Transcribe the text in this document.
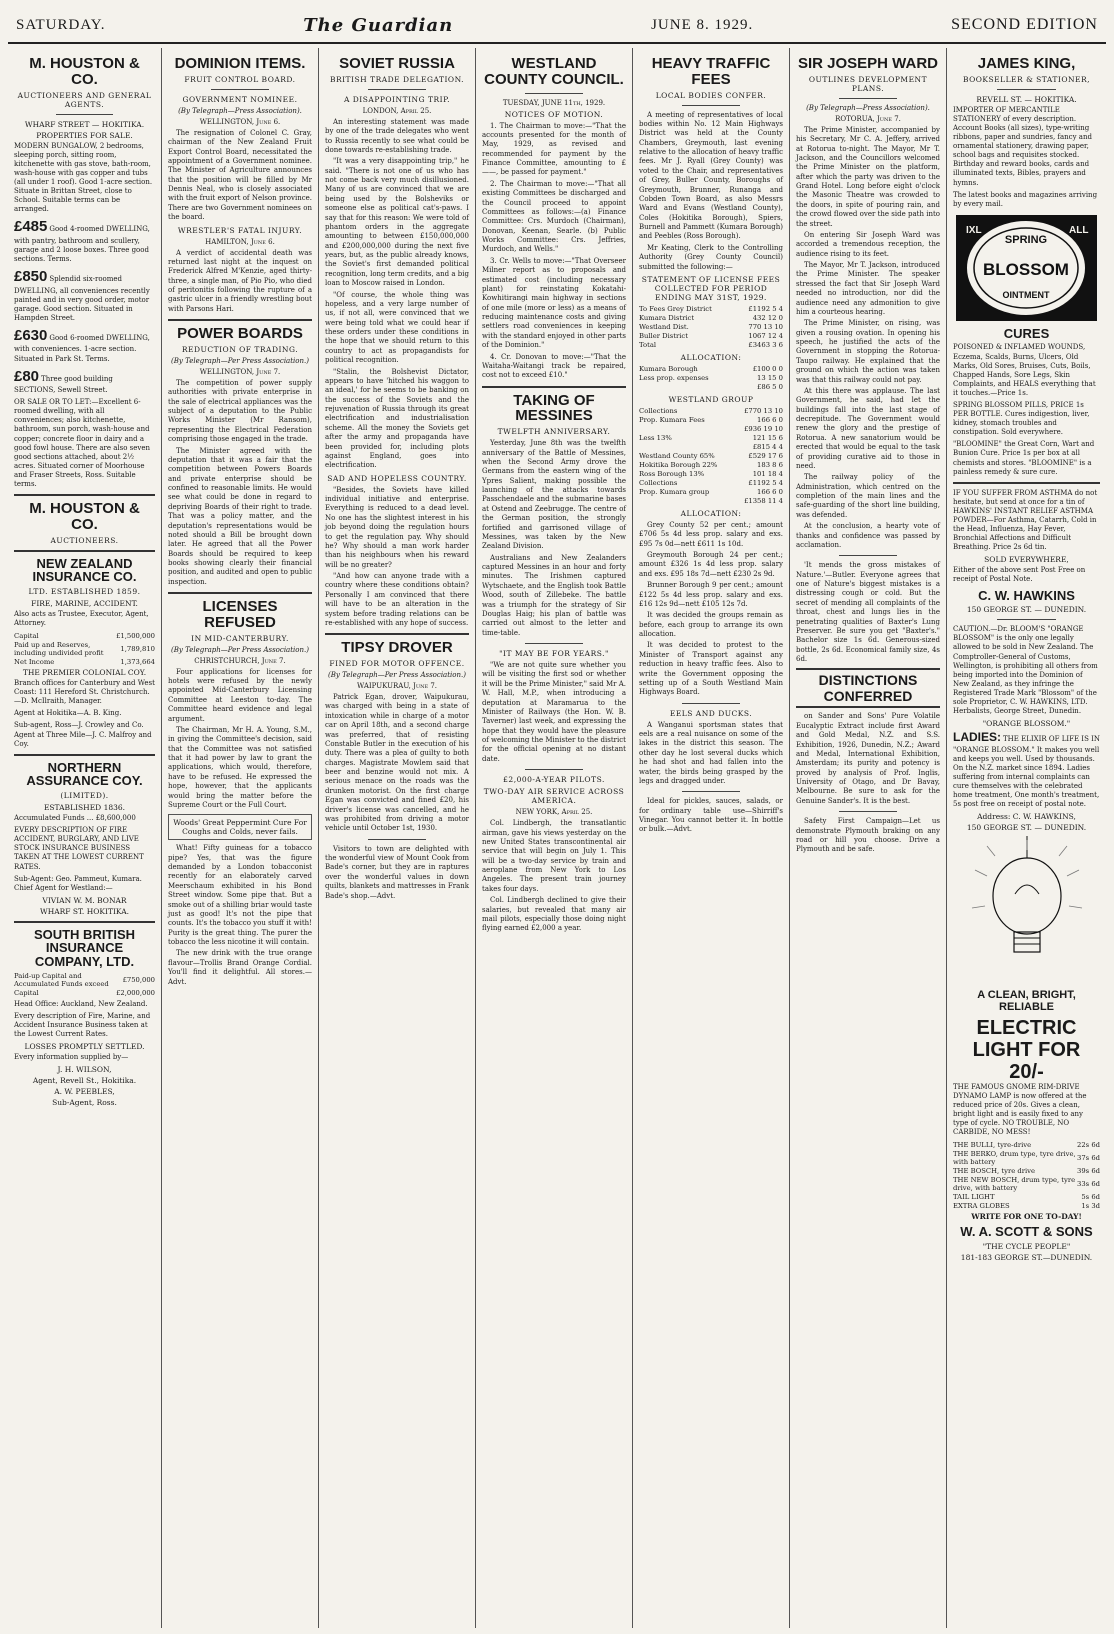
SATURDAY.	The Guardian	JUNE 8. 1929.	SECOND EDITION
M. HOUSTON & CO.
AUCTIONEERS AND GENERAL AGENTS.
WHARF STREET — HOKITIKA.
PROPERTIES FOR SALE.
MODERN BUNGALOW, 2 bedrooms, sleeping porch, sitting room, kitchenette with gas stove, bath-room, wash-house with gas copper and tubs (all under 1 roof). Good 1-acre section. Situate in Brittan Street, close to School. Suitable terms can be arranged.
£485 Good 4-roomed DWELLING, with pantry, bathroom and scullery, garage and 2 loose boxes. Three good sections. Terms.
£850 Splendid six-roomed DWELLING, all conveniences recently painted and in very good order, motor garage. Good section. Situated in Hampden Street.
£630 Good 6-roomed DWELLING, with conveniences. 1-acre section. Situated in Park St. Terms.
£80 Three good building SECTIONS, Sewell Street.
OR SALE OR TO LET:—Excellent 6-roomed dwelling, with all conveniences; also kitchenette, bathroom, sun porch, wash-house and copper; concrete floor in dairy and a good fowl house. There are also seven good sections attached, about 2½ acres. Situated corner of Moorhouse and Fraser Streets, Ross. Suitable terms.
M. HOUSTON & CO.
AUCTIONEERS.
NEW ZEALAND INSURANCE CO.
LTD. ESTABLISHED 1859.
FIRE, MARINE, ACCIDENT.
Also acts as Trustee, Executor, Agent, Attorney.
Capital	£1,500,000
Paid up and Reserves, including undivided profit	1,789,810
Net Income	1,373,664
THE PREMIER COLONIAL COY.
Branch offices for Canterbury and West Coast: 111 Hereford St. Christchurch.—D. McIlraith, Manager.
Agent at Hokitika—A. B. King.
Sub-agent, Ross—J. Crowley and Co. Agent at Three Mile—J. C. Malfroy and Coy.
NORTHERN ASSURANCE COY.
(LIMITED).
ESTABLISHED 1836.
Accumulated Funds ... £8,600,000
EVERY DESCRIPTION OF FIRE ACCIDENT, BURGLARY, AND LIVE STOCK INSURANCE BUSINESS TAKEN AT THE LOWEST CURRENT RATES.
Sub-Agent: Geo. Pammeut, Kumara. Chief Agent for Westland:—
VIVIAN W. M. BONAR
WHARF ST. HOKITIKA.
SOUTH BRITISH INSURANCE COMPANY, LTD.
Paid-up Capital and Accumulated Funds exceed	£750,000
Capital	£2,000,000
Head Office: Auckland, New Zealand.
Every description of Fire, Marine, and Accident Insurance Business taken at the Lowest Current Rates.
LOSSES PROMPTLY SETTLED.
Every information supplied by—
J. H. WILSON,
Agent, Revell St., Hokitika.
A. W. PEEBLES,
Sub-Agent, Ross.
DOMINION ITEMS.
FRUIT CONTROL BOARD.
GOVERNMENT NOMINEE.
(By Telegraph—Press Association).
WELLINGTON, June 6.

The resignation of Colonel C. Gray, chairman of the New Zealand Fruit Export Control Board, necessitated the appointment of a Government nominee. The Minister of Agriculture announces that the position will be filled by Mr Dennis Neal, who is closely associated with the fruit export of Nelson province. There are two Government nominees on the board.

WRESTLER'S FATAL INJURY.
HAMILTON, June 6.

A verdict of accidental death was returned last night at the inquest on Frederick Alfred M'Kenzie, aged thirty-three, a single man, of Pio Pio, who died of peritonitis following the rupture of a gastric ulcer in a friendly wrestling bout with Parsons Hari.

POWER BOARDS
REDUCTION OF TRADING.
(By Telegraph—Per Press Association.)
WELLINGTON, June 7.

The competition of power supply authorities with private enterprise in the sale of electrical appliances was the subject of a deputation to the Public Works Minister (Mr Ransom), representing the Electrical Federation comprising those engaged in the trade.

The Minister agreed with the deputation that it was a fair that the competition between Powers Boards and private enterprise should be confined to reasonable limits. He would see what could be done in regard to depriving Boards of their right to trade. That was a policy matter, and the deputation's representations would be noted should a Bill be brought down later. He agreed that all the Power Boards should be required to keep books showing clearly their financial position, and audited and open to public inspection.

LICENSES REFUSED
IN MID-CANTERBURY.
(By Telegraph—Per Press Association.)
CHRISTCHURCH, June 7.

Four applications for licenses for hotels were refused by the newly appointed Mid-Canterbury Licensing Committee at Leeston to-day. The Committee heard evidence and legal argument.

The Chairman, Mr H. A. Young, S.M., in giving the Committee's decision, said that the Committee was not satisfied that it had power by law to grant the applications, which would, therefore, have to be refused. He expressed the hope, however, that the applicants would bring the matter before the Supreme Court or the Full Court.

Woods' Great Peppermint Cure For Coughs and Colds, never fails.

What! Fifty guineas for a tobacco pipe? Yes, that was the figure demanded by a London tobacconist recently for an elaborately carved Meerschaum exhibited in his Bond Street window. Some pipe that. But a smoke out of a shilling briar would taste just as good! It's not the pipe that counts. It's the tobacco you stuff it with! Purity is the great thing. The purer the tobacco the less nicotine it will contain.

The new drink with the true orange flavour—Trollis Brand Orange Cordial. You'll find it delightful. All stores.—Advt.

SOVIET RUSSIA
BRITISH TRADE DELEGATION.
A DISAPPOINTING TRIP.
LONDON, April 25.

An interesting statement was made by one of the trade delegates who went to Russia recently to see what could be done towards re-establishing trade.

"It was a very disappointing trip," he said. "There is not one of us who has not come back very much disillusioned. Many of us are convinced that we are being used by the Bolsheviks or someone else as political cat's-paws. I say that for this reason: We were told of phantom orders in the aggregate amounting to between £150,000,000 and £200,000,000 during the next five years, but, as the public already knows, the Soviet's first demanded political recognition, long term credits, and a big loan to Moscow raised in London.

"Of course, the whole thing was hopeless, and a very large number of us, if not all, were convinced that we were being told what we could hear if these orders under these conditions in the hope that we should return to this country to act as propagandists for political recognition.

"Stalin, the Bolshevist Dictator, appears to have 'hitched his waggon to an ideal,' for he seems to be banking on the success of the Soviets and the rejuvenation of Russia through its great electrification and industrialisation scheme. All the money the Soviets get after the army and propaganda have been provided for, including plots against England, goes into electrification.

SAD AND HOPELESS COUNTRY.

"Besides, the Soviets have killed individual initiative and enterprise. Everything is reduced to a dead level. No one has the slightest interest in his job beyond doing the regulation hours to get the regulation pay. Why should he? Why should a man work harder than his neighbours when his reward will be no greater?

"And how can anyone trade with a country where these conditions obtain? Personally I am convinced that there will have to be an alteration in the system before trading relations can be re-established with any hope of success.

TIPSY DROVER
FINED FOR MOTOR OFFENCE.
(By Telegraph—Per Press Association.)
WAIPUKURAU, June 7.

Patrick Egan, drover, Waipukurau, was charged with being in a state of intoxication while in charge of a motor car on April 18th, and a second charge was preferred, that of resisting Constable Butler in the execution of his duty. There was a plea of guilty to both charges. Magistrate Mowlem said that beer and benzine would not mix. A serious menace on the roads was the drunken motorist. On the first charge Egan was convicted and fined £20, his driver's license was cancelled, and he was prohibited from driving a motor vehicle until October 1st, 1930.

Visitors to town are delighted with the wonderful view of Mount Cook from Bade's corner, but they are in raptures over the wonderful values in down quilts, blankets and mattresses in Frank Bade's shop.—Advt.

WESTLAND COUNTY COUNCIL.
TUESDAY, JUNE 11th, 1929.
NOTICES OF MOTION.

1. The Chairman to move:—"That the accounts presented for the month of May, 1929, as revised and recommended for payment by the Finance Committee, amounting to £——, be passed for payment."

2. The Chairman to move:—"That all existing Committees be discharged and the Council proceed to appoint Committees as follows:—(a) Finance Committee: Crs. Murdoch (Chairman), Donovan, Keenan, Searle. (b) Public Works Committee: Crs. Jeffries, Murdoch, and Wells."

3. Cr. Wells to move:—"That Overseer Milner report as to proposals and estimated cost (including necessary plant) for reinstating Kokatahi-Kowhitirangi main highway in sections of one mile (more or less) as a means of reducing maintenance costs and giving settlers road conveniences in keeping with the standard enjoyed in other parts of the Dominion."

4. Cr. Donovan to move:—"That the Waitaha-Waitangi track be repaired, cost not to exceed £10."

TAKING OF MESSINES
TWELFTH ANNIVERSARY.

Yesterday, June 8th was the twelfth anniversary of the Battle of Messines, when the Second Army drove the Germans from the eastern wing of the Ypres Salient, making possible the launching of the attacks towards Passchendaele and the submarine bases at Ostend and Zeebrugge. The centre of the German position, the strongly fortified and garrisoned village of Messines, was taken by the New Zealand Division.

Australians and New Zealanders captured Messines in an hour and forty minutes. The Irishmen captured Wytschaete, and the English took Battle Wood, south of Zillebeke. The battle was a triumph for the strategy of Sir Douglas Haig; his plan of battle was carried out almost to the letter and time-table.

"IT MAY BE FOR YEARS."

"We are not quite sure whether you will be visiting the first sod or whether it will be the Prime Minister," said Mr A. W. Hall, M.P., when introducing a deputation at Maramarua to the Minister of Railways (the Hon. W. B. Taverner) last week, and expressing the hope that they would have the pleasure of welcoming the Minister to the district for the official opening at no distant date.

£2,000-A-YEAR PILOTS.
TWO-DAY AIR SERVICE ACROSS AMERICA.
NEW YORK, April 25.

Col. Lindbergh, the transatlantic airman, gave his views yesterday on the new United States transcontinental air service that will begin on July 1. This will be a two-day service by train and aeroplane from New York to Los Angeles. The present train journey takes four days.

Col. Lindbergh declined to give their salaries, but revealed that many air mail pilots, especially those doing night flying earned £2,000 a year.

HEAVY TRAFFIC FEES
LOCAL BODIES CONFER.

A meeting of representatives of local bodies within No. 12 Main Highways District was held at the County Chambers, Greymouth, last evening relative to the allocation of heavy traffic fees. Mr J. Ryall (Grey County) was voted to the Chair, and representatives of Grey, Buller County, Boroughs of Greymouth, Brunner, Runanga and Cobden Town Board, as also Messrs Ward and Evans (Westland County), Coles (Hokitika Borough), Spiers, Burnell and Pammett (Kumara Borough) and Peebles (Ross Borough).

Mr Keating, Clerk to the Controlling Authority (Grey County Council) submitted the following:—

STATEMENT OF LICENSE FEES COLLECTED FOR PERIOD ENDING MAY 31ST, 1929.
To Fees Grey District	£1192 5 4
Kumara District	432 12 0
Westland Dist.	770 13 10
Buller District	1067 12 4
Total	£3463 3 6
ALLOCATION:
Kumara Borough	£100 0 0
Less prop. expenses	13 15 0
	£86 5 0
WESTLAND GROUP
Collections	£770 13 10
Prop. Kumara Fees	166 6 0
	£936 19 10
Less 13%	121 15 6
	£815 4 4
Westland County 65%	£529 17 6
Hokitika Borough 22%	183 8 6
Ross Borough 13%	101 18 4
Collections	£1192 5 4
Prop. Kumara group	166 6 0
	£1358 11 4
ALLOCATION:

Grey County 52 per cent.; amount £706 5s 4d less prop. salary and exs. £95 7s 0d—nett £611 1s 10d.

Greymouth Borough 24 per cent.; amount £326 1s 4d less prop. salary and exs. £95 18s 7d—nett £230 2s 9d.

Brunner Borough 9 per cent.; amount £122 5s 4d less prop. salary and exs. £16 12s 9d—nett £105 12s 7d.

It was decided the groups remain as before, each group to arrange its own allocation.

It was decided to protest to the Minister of Transport against any reduction in heavy traffic fees. Also to write the Government opposing the setting up of a South Westland Main Highways Board.

EELS AND DUCKS.

A Wanganui sportsman states that eels are a real nuisance on some of the lakes in the district this season. The other day he lost several ducks which he had shot and had fallen into the water, the birds being grasped by the legs and dragged under.

Ideal for pickles, sauces, salads, or for ordinary table use—Shirriff's Vinegar. You cannot better it. In bottle or bulk.—Advt.

SIR JOSEPH WARD
OUTLINES DEVELOPMENT PLANS.
(By Telegraph—Press Association).
ROTORUA, June 7.

The Prime Minister, accompanied by his Secretary, Mr C. A. Jeffery, arrived at Rotorua to-night. The Mayor, Mr T. Jackson, and the Councillors welcomed the Prime Minister on the platform, after which the party was driven to the Grand Hotel. Long before eight o'clock the Masonic Theatre was crowded to the doors, in spite of pouring rain, and the crowd flowed over the side path into the street.

On entering Sir Joseph Ward was accorded a tremendous reception, the audience rising to its feet.

The Mayor, Mr T. Jackson, introduced the Prime Minister. The speaker stressed the fact that Sir Joseph Ward needed no introduction, nor did the audience need any admonition to give him a courteous hearing.

The Prime Minister, on rising, was given a rousing ovation. In opening his speech, he justified the acts of the Government in stopping the Rotorua-Taupo railway. He explained that the ground on which the action was taken was that this railway could not pay.

At this there was applause. The last Government, he said, had let the buildings fall into the last stage of decrepitude. The Government would renew the glory and the prestige of Rotorua. A new sanatorium would be erected that would be equal to the task of providing curative aid to those in need.

The railway policy of the Administration, which centred on the completion of the main lines and the safe-guarding of the short line building, was defended.

At the conclusion, a hearty vote of thanks and confidence was passed by acclamation.

'It mends the gross mistakes of Nature.'—Butler. Everyone agrees that one of Nature's biggest mistakes is a distressing cough or cold. But the secret of mending all complaints of the throat, chest and lungs lies in the penetrating qualities of Baxter's Lung Preserver. Be sure you get "Baxter's." Bachelor size 1s 6d. Generous-sized bottle, 2s 6d. Economical family size, 4s 6d.

DISTINCTIONS CONFERRED

on Sander and Sons' Pure Volatile Eucalyptic Extract include first Award and Gold Medal, N.Z. and S.S. Exhibition, 1926, Dunedin, N.Z.; Award and Medal, International Exhibition, Amsterdam; its purity and potency is proved by analysis of Prof. Inglis, University of Otago, and Dr Bavay, Melbourne. Be sure to ask for the Genuine Sander's. It is the best.

Safety First Campaign—Let us demonstrate Plymouth braking on any road or hill you choose. Drive a Plymouth and be safe.

JAMES KING,
BOOKSELLER & STATIONER,
REVELL ST. — HOKITIKA.
IMPORTER OF MERCANTILE STATIONERY of every description. Account Books (all sizes), type-writing ribbons, paper and sundries, fancy and ornamental stationery, drawing paper, school bags and requisites stocked. Birthday and reward books, cards and illuminated texts, Bibles, prayers and hymns.
The latest books and magazines arriving by every mail.
SPRING
BLOSSOM
OINTMENT
IXL	ALL
CURES
POISONED & INFLAMED WOUNDS, Eczema, Scalds, Burns, Ulcers, Old Marks, Old Sores, Bruises, Cuts, Boils, Chapped Hands, Sore Legs, Skin Complaints, and HEALS everything that it touches.—Price 1s.
SPRING BLOSSOM PILLS, PRICE 1s PER BOTTLE. Cures indigestion, liver, kidney, stomach troubles and constipation. Sold everywhere.
"BLOOMINE" the Great Corn, Wart and Bunion Cure. Price 1s per box at all chemists and stores. "BLOOMINE" is a painless remedy & sure cure.
IF YOU SUFFER FROM ASTHMA do not hesitate, but send at once for a tin of HAWKINS' INSTANT RELIEF ASTHMA POWDER—For Asthma, Catarrh, Cold in the Head, Influenza, Hay Fever, Bronchial Affections and Difficult Breathing. Price 2s 6d tin.
SOLD EVERYWHERE,
Either of the above sent Post Free on receipt of Postal Note.
C. W. HAWKINS
150 GEORGE ST. — DUNEDIN.
CAUTION.—Dr. BLOOM'S "ORANGE BLOSSOM" is the only one legally allowed to be sold in New Zealand. The Comptroller-General of Customs, Wellington, is prohibiting all others from being imported into the Dominion of New Zealand, as they infringe the Registered Trade Mark "Blossom" of the sole Proprietor, C. W. HAWKINS, LTD. Herbalists, George Street, Dunedin.
"ORANGE BLOSSOM."
LADIES: THE ELIXIR OF LIFE IS IN "ORANGE BLOSSOM." It makes you well and keeps you well. Used by thousands. On the N.Z. market since 1894. Ladies suffering from internal complaints can cure themselves with the celebrated home treatment, One month's treatment, 5s post free on receipt of postal note.
Address: C. W. HAWKINS,
150 GEORGE ST. — DUNEDIN.
A CLEAN, BRIGHT, RELIABLE
ELECTRIC LIGHT FOR 20/-
THE FAMOUS GNOME RIM-DRIVE DYNAMO LAMP is now offered at the reduced price of 20s. Gives a clean, bright light and is easily fixed to any type of cycle. NO TROUBLE, NO CARBIDE, NO MESS!
THE BULLI, tyre-drive	22s 6d
THE BERKO, drum type, tyre drive, with battery	37s 6d
THE BOSCH, tyre drive	39s 6d
THE NEW BOSCH, drum type, tyre drive, with battery	33s 6d
TAIL LIGHT	5s 6d
EXTRA GLOBES	1s 3d
WRITE FOR ONE TO-DAY!
W. A. SCOTT & SONS
"THE CYCLE PEOPLE"
181-183 GEORGE ST.—DUNEDIN.
